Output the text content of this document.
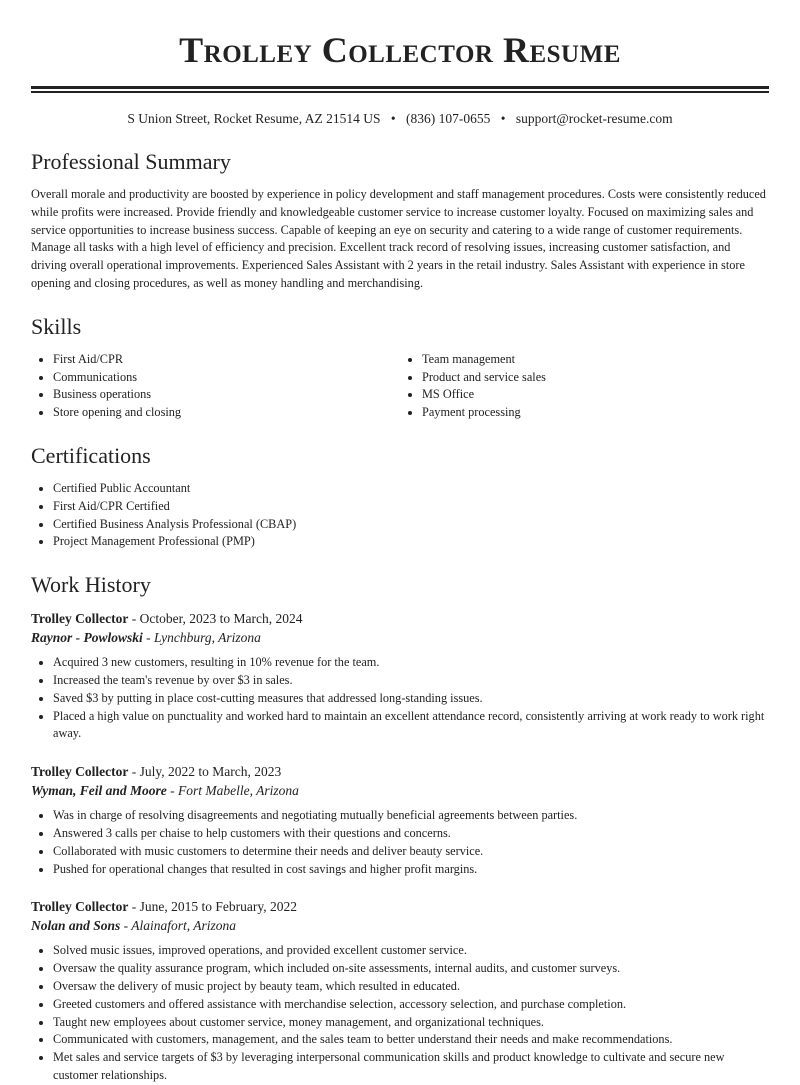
Trolley Collector Resume
S Union Street, Rocket Resume, AZ 21514 US • (836) 107-0655 • support@rocket-resume.com
Professional Summary

Overall morale and productivity are boosted by experience in policy development and staff management procedures. Costs were consistently reduced while profits were increased. Provide friendly and knowledgeable customer service to increase customer loyalty. Focused on maximizing sales and service opportunities to increase business success. Capable of keeping an eye on security and catering to a wide range of customer requirements. Manage all tasks with a high level of efficiency and precision. Excellent track record of resolving issues, increasing customer satisfaction, and driving overall operational improvements. Experienced Sales Assistant with 2 years in the retail industry. Sales Assistant with experience in store opening and closing procedures, as well as money handling and merchandising.

Skills
• First Aid/CPR
• Communications
• Business operations
• Store opening and closing
• Team management
• Product and service sales
• MS Office
• Payment processing
Certifications
• Certified Public Accountant
• First Aid/CPR Certified
• Certified Business Analysis Professional (CBAP)
• Project Management Professional (PMP)
Work History
Trolley Collector - October, 2023 to March, 2024
Raynor - Powlowski - Lynchburg, Arizona
• Acquired 3 new customers, resulting in 10% revenue for the team.
• Increased the team's revenue by over $3 in sales.
• Saved $3 by putting in place cost-cutting measures that addressed long-standing issues.
• Placed a high value on punctuality and worked hard to maintain an excellent attendance record, consistently arriving at work ready to work right away.
Trolley Collector - July, 2022 to March, 2023
Wyman, Feil and Moore - Fort Mabelle, Arizona
• Was in charge of resolving disagreements and negotiating mutually beneficial agreements between parties.
• Answered 3 calls per chaise to help customers with their questions and concerns.
• Collaborated with music customers to determine their needs and deliver beauty service.
• Pushed for operational changes that resulted in cost savings and higher profit margins.
Trolley Collector - June, 2015 to February, 2022
Nolan and Sons - Alainafort, Arizona
• Solved music issues, improved operations, and provided excellent customer service.
• Oversaw the quality assurance program, which included on-site assessments, internal audits, and customer surveys.
• Oversaw the delivery of music project by beauty team, which resulted in educated.
• Greeted customers and offered assistance with merchandise selection, accessory selection, and purchase completion.
• Taught new employees about customer service, money management, and organizational techniques.
• Communicated with customers, management, and the sales team to better understand their needs and make recommendations.
• Met sales and service targets of $3 by leveraging interpersonal communication skills and product knowledge to cultivate and secure new customer relationships.
